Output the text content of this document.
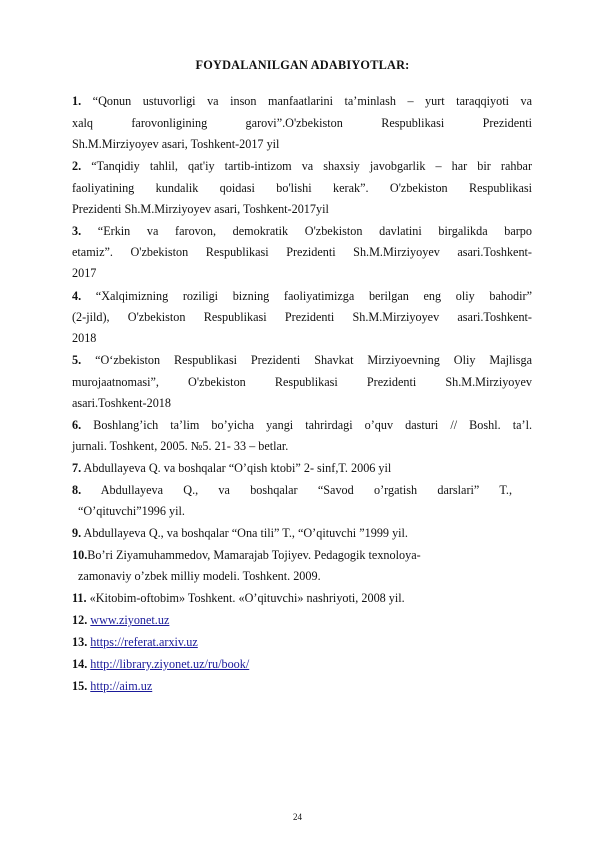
FOYDALANILGAN ADABIYOTLAR:
1. “Qonun ustuvorligi va inson manfaatlarini ta’minlash – yurt taraqqiyoti va
xalq farovonligining garovi”.O'zbekiston Respublikasi Prezidenti
Sh.M.Mirziyoyev asari, Toshkent-2017 yil
2. “Tanqidiy tahlil, qat'iy tartib-intizom va shaxsiy javobgarlik – har bir rahbar
faoliyatining kundalik qoidasi bo'lishi kerak”. O'zbekiston Respublikasi
Prezidenti Sh.M.Mirziyoyev asari, Toshkent-2017yil
3. “Erkin va farovon, demokratik O'zbekiston davlatini birgalikda barpo
etamiz”. O'zbekiston Respublikasi Prezidenti Sh.M.Mirziyoyev asari.Toshkent-
2017
4. “Xalqimizning roziligi bizning faoliyatimizga berilgan eng oliy bahodir”
(2-jild), O'zbekiston Respublikasi Prezidenti Sh.M.Mirziyoyev asari.Toshkent-
2018
5. “O‘zbekiston Respublikasi Prezidenti Shavkat Mirziyoevning Oliy Majlisga
murojaatnomasi”, O'zbekiston Respublikasi Prezidenti Sh.M.Mirziyoyev
asari.Toshkent-2018
6. Boshlang’ich ta’lim bo’yicha yangi tahrirdagi o’quv dasturi // Boshl. ta’l.
jurnali. Toshkent, 2005. №5. 21- 33 – betlar.
7. Abdullayeva Q. va boshqalar “O’qish ktobi” 2- sinf,T. 2006 yil
8. Abdullayeva Q., va boshqalar “Savod o’rgatish darslari” T.,
“O’qituvchi”1996 yil.
9. Abdullayeva Q., va boshqalar “Ona tili” T., “O’qituvchi ”1999 yil.
10.Bo’ri Ziyamuhammedov, Mamarajab Tojiyev. Pedagogik texnoloya-
zamonaviy o’zbek milliy modeli. Toshkent. 2009.
11. «Kitobim-oftobim» Toshkent. «O’qituvchi» nashriyoti, 2008 yil.
12. www.ziyonet.uz
13. https://referat.arxiv.uz
14. http://library.ziyonet.uz/ru/book/
15. http://aim.uz
24
